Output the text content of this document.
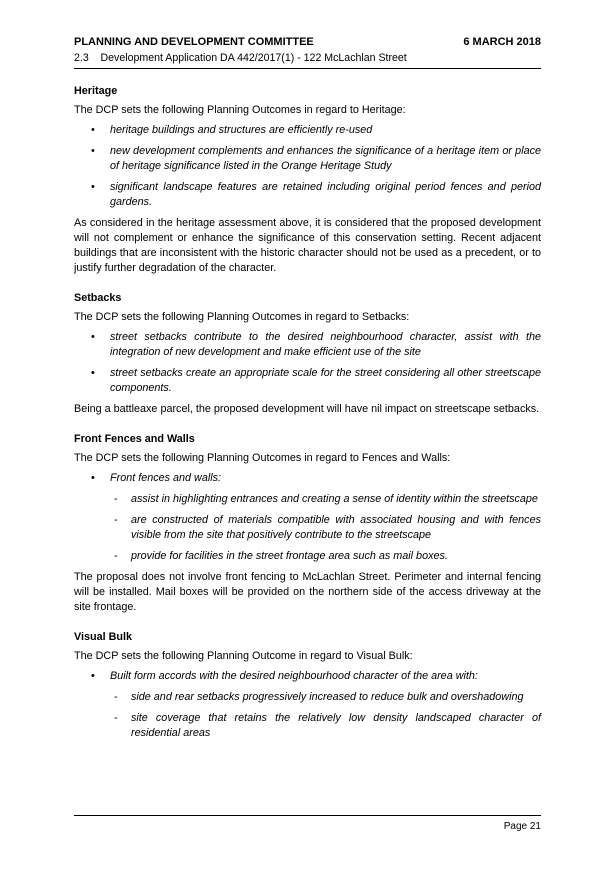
PLANNING AND DEVELOPMENT COMMITTEE	6 MARCH 2018
2.3    Development Application DA 442/2017(1) - 122 McLachlan Street
Heritage

The DCP sets the following Planning Outcomes in regard to Heritage:

• heritage buildings and structures are efficiently re-used
• new development complements and enhances the significance of a heritage item or place of heritage significance listed in the Orange Heritage Study
• significant landscape features are retained including original period fences and period gardens.

As considered in the heritage assessment above, it is considered that the proposed development will not complement or enhance the significance of this conservation setting. Recent adjacent buildings that are inconsistent with the historic character should not be used as a precedent, or to justify further degradation of the character.

Setbacks

The DCP sets the following Planning Outcomes in regard to Setbacks:

• street setbacks contribute to the desired neighbourhood character, assist with the integration of new development and make efficient use of the site
• street setbacks create an appropriate scale for the street considering all other streetscape components.

Being a battleaxe parcel, the proposed development will have nil impact on streetscape setbacks.

Front Fences and Walls

The DCP sets the following Planning Outcomes in regard to Fences and Walls:

• Front fences and walls:
- assist in highlighting entrances and creating a sense of identity within the streetscape
- are constructed of materials compatible with associated housing and with fences visible from the site that positively contribute to the streetscape
- provide for facilities in the street frontage area such as mail boxes.

The proposal does not involve front fencing to McLachlan Street. Perimeter and internal fencing will be installed. Mail boxes will be provided on the northern side of the access driveway at the site frontage.

Visual Bulk

The DCP sets the following Planning Outcome in regard to Visual Bulk:

• Built form accords with the desired neighbourhood character of the area with:
- side and rear setbacks progressively increased to reduce bulk and overshadowing
- site coverage that retains the relatively low density landscaped character of residential areas
Page 21
